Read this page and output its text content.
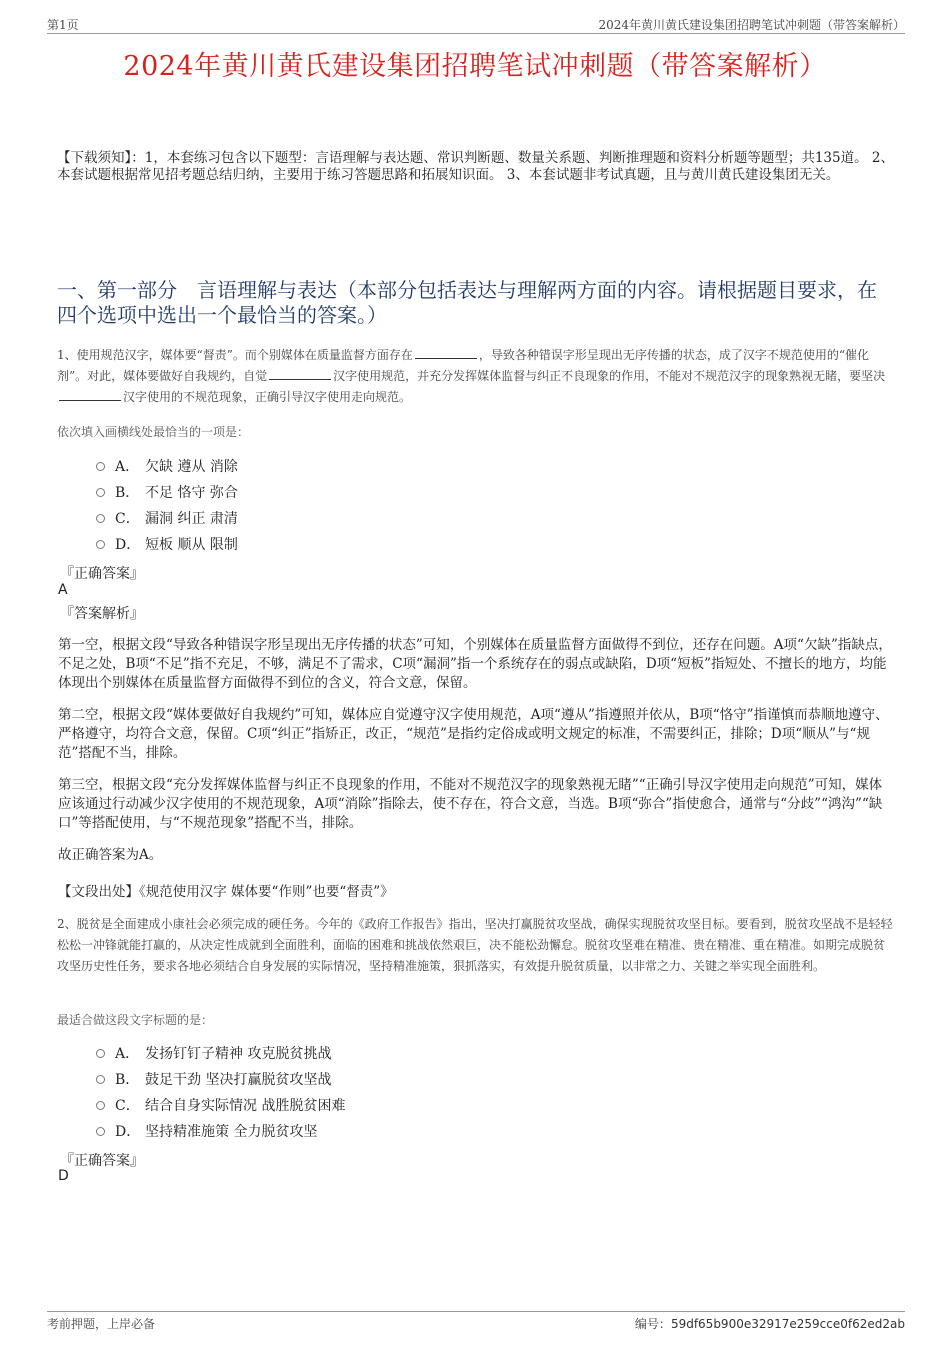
第1页	2024年黄川黄氏建设集团招聘笔试冲刺题（带答案解析）
2024年黄川黄氏建设集团招聘笔试冲刺题（带答案解析）
【下载须知】：1，本套练习包含以下题型：言语理解与表达题、常识判断题、数量关系题、判断推理题和资料分析题等题型；共135道。 2、本套试题根据常见招考题总结归纳，主要用于练习答题思路和拓展知识面。 3、本套试题非考试真题，且与黄川黄氏建设集团无关。
一、第一部分　言语理解与表达（本部分包括表达与理解两方面的内容。请根据题目要求，在四个选项中选出一个最恰当的答案。）
1、使用规范汉字，媒体要“督责”。而个别媒体在质量监督方面存在	，导致各种错误字形呈现出无序传播的状态，成了汉字不规范使用的“催化剂”。对此，媒体要做好自我规约，自觉	汉字使用规范，并充分发挥媒体监督与纠正不良现象的作用，不能对不规范汉字的现象熟视无睹，要坚决汉字使用的不规范现象，正确引导汉字使用走向规范。
依次填入画横线处最恰当的一项是：
A． 欠缺 遵从 消除
B． 不足 恪守 弥合
C． 漏洞 纠正 肃清
D． 短板 顺从 限制
『正确答案』
A
『答案解析』
第一空，根据文段“导致各种错误字形呈现出无序传播的状态”可知，个别媒体在质量监督方面做得不到位，还存在问题。A项“欠缺”指缺点，不足之处，B项“不足”指不充足，不够，满足不了需求，C项“漏洞”指一个系统存在的弱点或缺陷，D项“短板”指短处、不擅长的地方，均能体现出个别媒体在质量监督方面做得不到位的含义，符合文意，保留。
第二空，根据文段“媒体要做好自我规约”可知，媒体应自觉遵守汉字使用规范，A项“遵从”指遵照并依从，B项“恪守”指谨慎而恭顺地遵守、严格遵守，均符合文意，保留。C项“纠正”指矫正，改正，“规范”是指约定俗成或明文规定的标准，不需要纠正，排除；D项“顺从”与“规范”搭配不当，排除。
第三空，根据文段“充分发挥媒体监督与纠正不良现象的作用，不能对不规范汉字的现象熟视无睹”“正确引导汉字使用走向规范”可知，媒体应该通过行动减少汉字使用的不规范现象，A项“消除”指除去，使不存在，符合文意，当选。B项“弥合”指使愈合，通常与“分歧”“鸿沟”“缺口”等搭配使用，与“不规范现象”搭配不当，排除。
故正确答案为A。
【文段出处】《规范使用汉字 媒体要“作则”也要“督责”》
2、脱贫是全面建成小康社会必须完成的硬任务。今年的《政府工作报告》指出，坚决打赢脱贫攻坚战，确保实现脱贫攻坚目标。要看到，脱贫攻坚战不是轻轻松松一冲锋就能打赢的，从决定性成就到全面胜利，面临的困难和挑战依然艰巨，决不能松劲懈怠。脱贫攻坚难在精准、贵在精准、重在精准。如期完成脱贫攻坚历史性任务，要求各地必须结合自身发展的实际情况，坚持精准施策，狠抓落实，有效提升脱贫质量，以非常之力、关键之举实现全面胜利。
最适合做这段文字标题的是：
A． 发扬钉钉子精神 攻克脱贫挑战
B． 鼓足干劲 坚决打赢脱贫攻坚战
C． 结合自身实际情况 战胜脱贫困难
D． 坚持精准施策 全力脱贫攻坚
『正确答案』
D
考前押题，上岸必备	编号：59df65b900e32917e259cce0f62ed2ab
